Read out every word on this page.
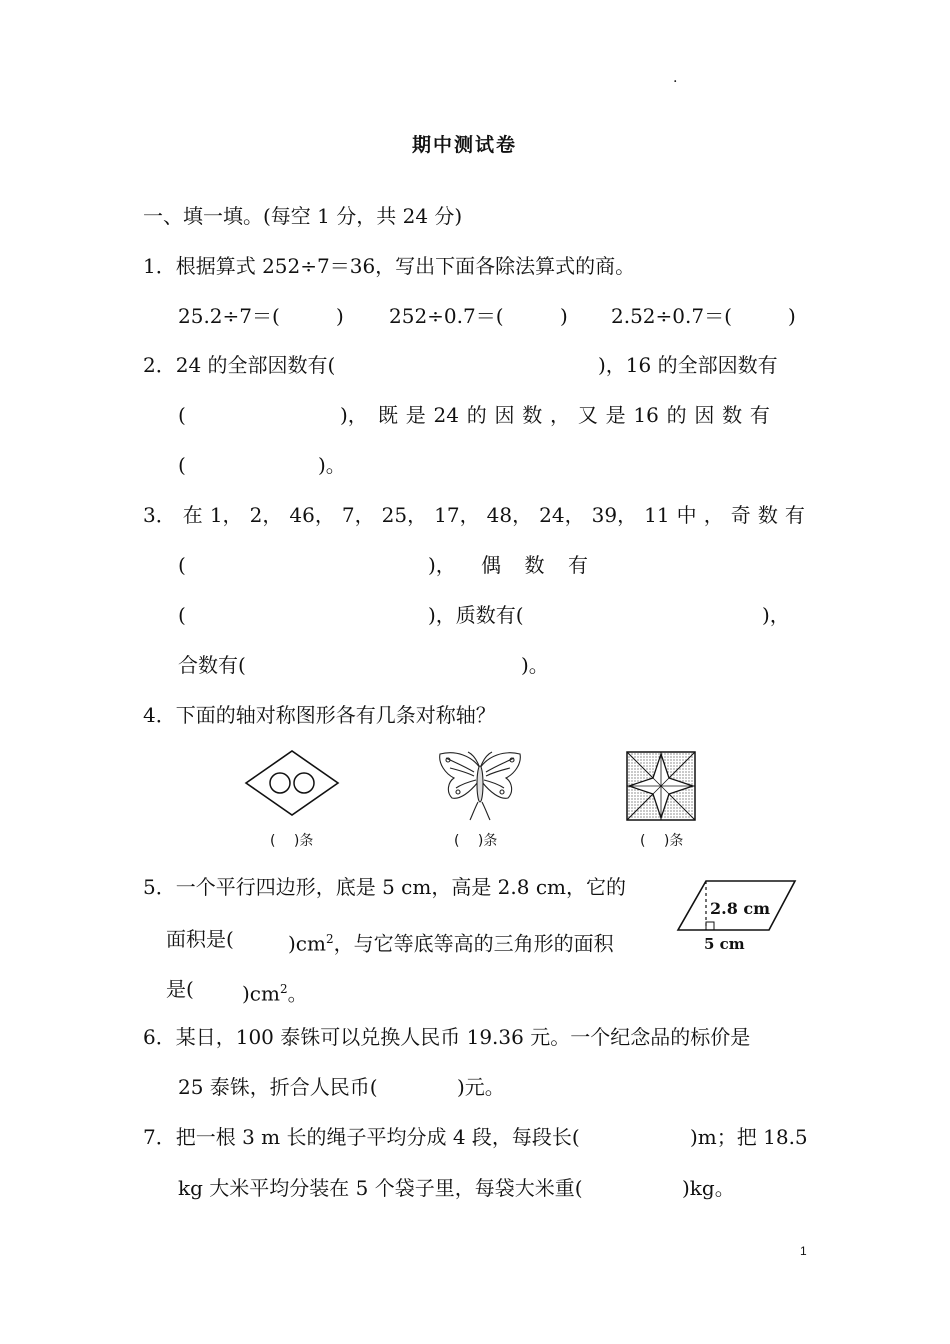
.
期中测试卷
一、填一填。(每空 1 分，共 24 分)
1．根据算式 252÷7＝36，写出下面各除法算式的商。
25.2÷7＝(	) 252÷0.7＝(	) 2.52÷0.7＝(	)
2．24 的全部因数有(	)，16 的全部因数有
(	)， 既 是 24 的 因 数 ， 又 是 16 的 因 数 有
(	)。
3． 在 1， 2， 46， 7， 25， 17， 48， 24， 39， 11 中 ， 奇 数 有
(	)， 偶 数 有
(	)，质数有(	)，
合数有(	)。
4．下面的轴对称图形各有几条对称轴？
(　 )条	(　 )条	(　 )条
5．一个平行四边形，底是 5 cm，高是 2.8 cm，它的
面积是(	)$cm^2$，与它等底等高的三角形的面积
是( )$cm^2$。
2.8 cm
5 cm
6．某日，100 泰铢可以兑换人民币 19.36 元。一个纪念品的标价是
25 泰铢，折合人民币(	)元。
7．把一根 3 m 长的绳子平均分成 4 段，每段长(	)m；把 18.5
kg 大米平均分装在 5 个袋子里，每袋大米重(	)kg。
1
